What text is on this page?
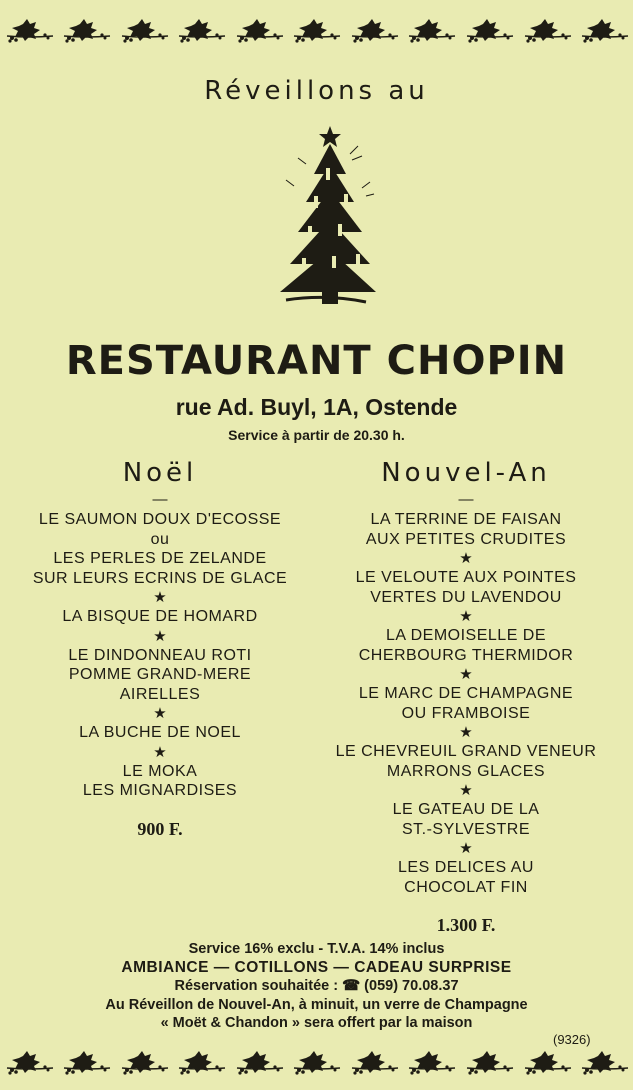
Réveillons au
RESTAURANT CHOPIN
rue Ad. Buyl, 1A, Ostende
Service à partir de 20.30 h.
Noël
—
LE SAUMON DOUX D'ECOSSE
ou
LES PERLES DE ZELANDE
SUR LEURS ECRINS DE GLACE
★
LA BISQUE DE HOMARD
★
LE DINDONNEAU ROTI
POMME GRAND-MERE
AIRELLES
★
LA BUCHE DE NOEL
★
LE MOKA
LES MIGNARDISES
900 F.
Nouvel-An
—
LA TERRINE DE FAISAN
AUX PETITES CRUDITES
★
LE VELOUTE AUX POINTES
VERTES DU LAVENDOU
★
LA DEMOISELLE DE
CHERBOURG THERMIDOR
★
LE MARC DE CHAMPAGNE
OU FRAMBOISE
★
LE CHEVREUIL GRAND VENEUR
MARRONS GLACES
★
LE GATEAU DE LA
ST.-SYLVESTRE
★
LES DELICES AU
CHOCOLAT FIN
1.300 F.
Service 16% exclu - T.V.A. 14% inclus
AMBIANCE — COTILLONS — CADEAU SURPRISE
Réservation souhaitée : ☎ (059) 70.08.37
Au Réveillon de Nouvel-An, à minuit, un verre de Champagne
« Moët & Chandon » sera offert par la maison
(9326)
